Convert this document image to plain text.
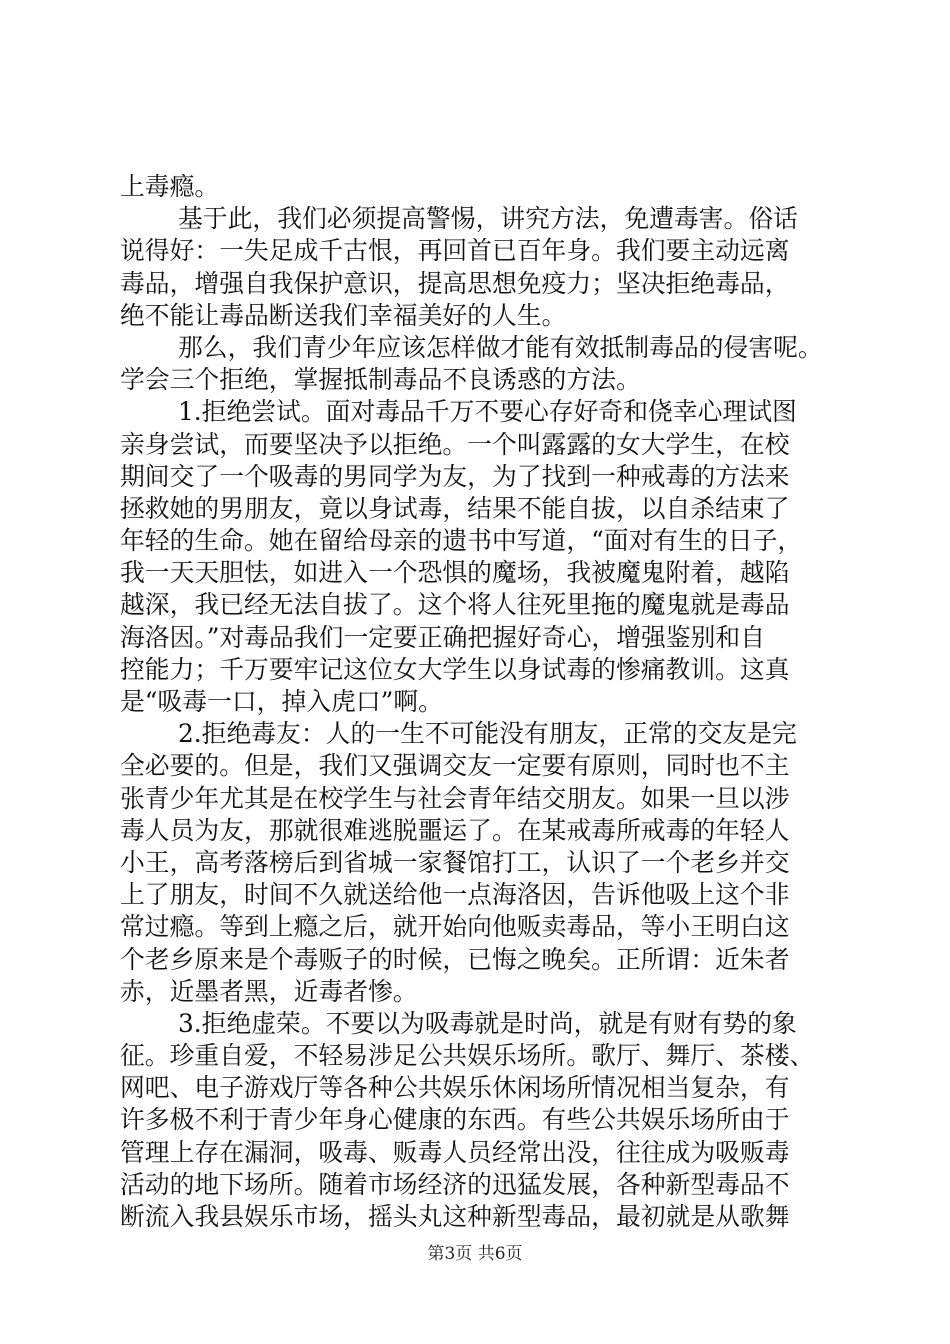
上毒瘾。
基于此，我们必须提高警惕，讲究方法，免遭毒害。俗话
说得好：一失足成千古恨，再回首已百年身。我们要主动远离
毒品，增强自我保护意识，提高思想免疫力；坚决拒绝毒品，
绝不能让毒品断送我们幸福美好的人生。
那么，我们青少年应该怎样做才能有效抵制毒品的侵害呢。
学会三个拒绝，掌握抵制毒品不良诱惑的方法。
1.拒绝尝试。面对毒品千万不要心存好奇和侥幸心理试图
亲身尝试，而要坚决予以拒绝。一个叫露露的女大学生，在校
期间交了一个吸毒的男同学为友，为了找到一种戒毒的方法来
拯救她的男朋友，竟以身试毒，结果不能自拔，以自杀结束了
年轻的生命。她在留给母亲的遗书中写道，“面对有生的日子，
我一天天胆怯，如进入一个恐惧的魔场，我被魔鬼附着，越陷
越深，我已经无法自拔了。这个将人往死里拖的魔鬼就是毒品
海洛因。”对毒品我们一定要正确把握好奇心，增强鉴别和自
控能力；千万要牢记这位女大学生以身试毒的惨痛教训。这真
是“吸毒一口，掉入虎口”啊。
2.拒绝毒友：人的一生不可能没有朋友，正常的交友是完
全必要的。但是，我们又强调交友一定要有原则，同时也不主
张青少年尤其是在校学生与社会青年结交朋友。如果一旦以涉
毒人员为友，那就很难逃脱噩运了。在某戒毒所戒毒的年轻人
小王，高考落榜后到省城一家餐馆打工，认识了一个老乡并交
上了朋友，时间不久就送给他一点海洛因，告诉他吸上这个非
常过瘾。等到上瘾之后，就开始向他贩卖毒品，等小王明白这
个老乡原来是个毒贩子的时候，已悔之晚矣。正所谓：近朱者
赤，近墨者黑，近毒者惨。
3.拒绝虚荣。不要以为吸毒就是时尚，就是有财有势的象
征。珍重自爱，不轻易涉足公共娱乐场所。歌厅、舞厅、茶楼、
网吧、电子游戏厅等各种公共娱乐休闲场所情况相当复杂，有
许多极不利于青少年身心健康的东西。有些公共娱乐场所由于
管理上存在漏洞，吸毒、贩毒人员经常出没，往往成为吸贩毒
活动的地下场所。随着市场经济的迅猛发展，各种新型毒品不
断流入我县娱乐市场，摇头丸这种新型毒品，最初就是从歌舞
第3页 共6页
